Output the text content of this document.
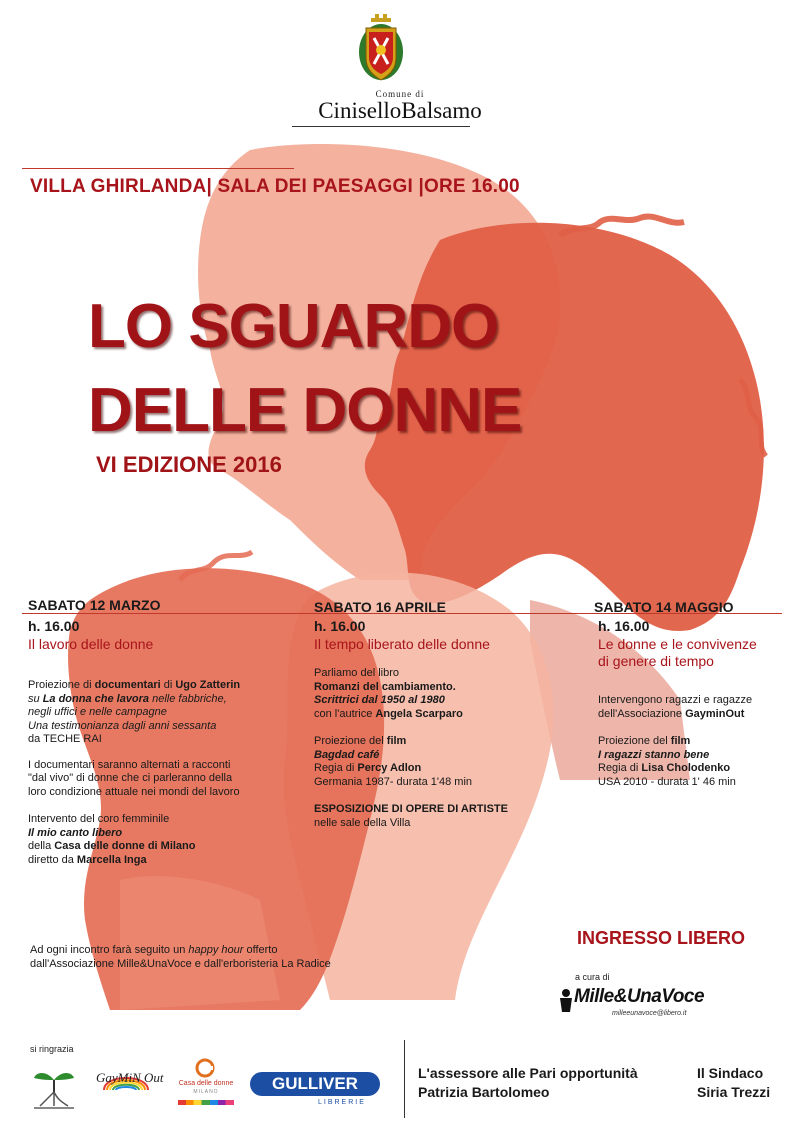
Comune di
CiniselloBalsamo
VILLA GHIRLANDA| SALA DEI PAESAGGI |ORE 16.00
LO SGUARDO
DELLE DONNE
VI EDIZIONE 2016
SABATO 12 MARZO
h. 16.00
Il lavoro delle donne
Proiezione di documentari di Ugo Zatterin
su La donna che lavora nelle fabbriche,
negli uffici e nelle campagne
Una testimonianza dagli anni sessanta
da TECHE RAI
I documentari saranno alternati a racconti
"dal vivo" di donne che ci parleranno della
loro condizione attuale nei mondi del lavoro
Intervento del coro femminile
Il mio canto libero
della Casa delle donne di Milano
diretto da Marcella Inga
SABATO 16 APRILE
h. 16.00
Il tempo liberato delle donne
Parliamo del libro
Romanzi del cambiamento.
Scrittrici dal 1950 al 1980
con l'autrice Angela Scarparo
Proiezione del film
Bagdad café
Regia di Percy Adlon
Germania 1987- durata 1'48 min
ESPOSIZIONE DI OPERE DI ARTISTE
nelle sale della Villa
SABATO 14 MAGGIO
h. 16.00
Le donne e le convivenze
di genere di tempo
Intervengono ragazzi e ragazze
dell'Associazione GayminOut
Proiezione del film
I ragazzi stanno bene
Regia di Lisa Cholodenko
USA 2010 - durata 1' 46 min
Ad ogni incontro farà seguito un happy hour offerto
dall'Associazione Mille&UnaVoce e dall'erboristeria La Radice
INGRESSO LIBERO
a cura di
Mille&UnaVoce
milleeunavoce@libero.it
si ringrazia
GayMiN Out	Casa delle donne
MILANO	GULLIVER
LIBRERIE
L'assessore alle Pari opportunità
Patrizia Bartolomeo
Il Sindaco
Siria Trezzi
